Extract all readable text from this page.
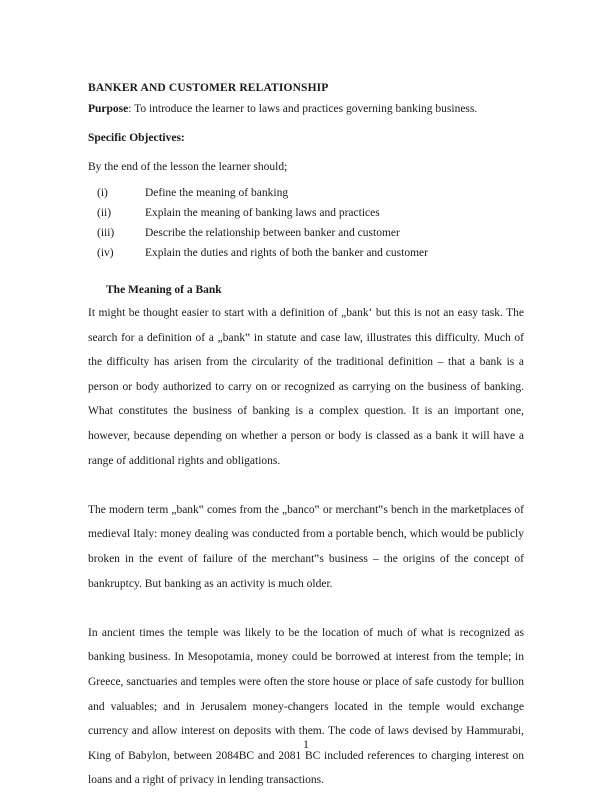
BANKER AND CUSTOMER RELATIONSHIP

Purpose: To introduce the learner to laws and practices governing banking business.

Specific Objectives:

By the end of the lesson the learner should;

(i)	Define the meaning of banking
(ii)	Explain the meaning of banking laws and practices
(iii)	Describe the relationship between banker and customer
(iv)	Explain the duties and rights of both the banker and customer
The Meaning of a Bank

It might be thought easier to start with a definition of „bank‘ but this is not an easy task. The search for a definition of a „bank‟ in statute and case law, illustrates this difficulty. Much of the difficulty has arisen from the circularity of the traditional definition – that a bank is a person or body authorized to carry on or recognized as carrying on the business of banking. What constitutes the business of banking is a complex question. It is an important one, however, because depending on whether a person or body is classed as a bank it will have a range of additional rights and obligations.

The modern term „bank‟ comes from the „banco‟ or merchant‟s bench in the marketplaces of medieval Italy: money dealing was conducted from a portable bench, which would be publicly broken in the event of failure of the merchant‟s business – the origins of the concept of bankruptcy. But banking as an activity is much older.

In ancient times the temple was likely to be the location of much of what is recognized as banking business. In Mesopotamia, money could be borrowed at interest from the temple; in Greece, sanctuaries and temples were often the store house or place of safe custody for bullion and valuables; and in Jerusalem money-changers located in the temple would exchange currency and allow interest on deposits with them. The code of laws devised by Hammurabi, King of Babylon, between 2084BC and 2081 BC included references to charging interest on loans and a right of privacy in lending transactions.

1
